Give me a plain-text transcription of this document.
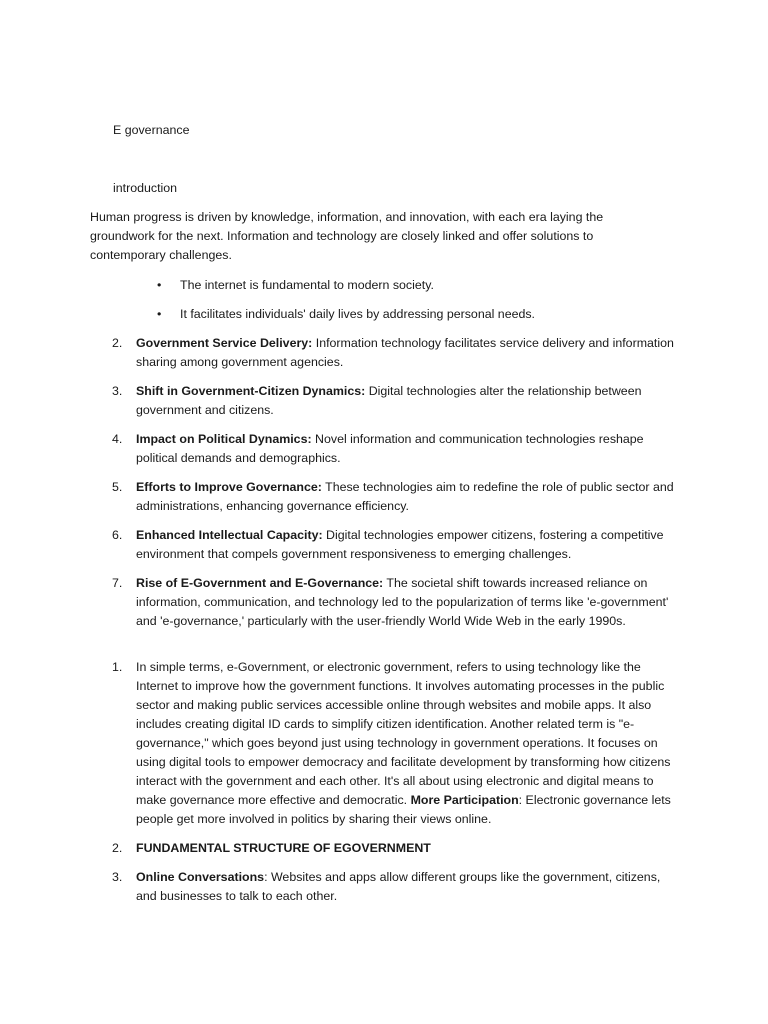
E governance
introduction
Human progress is driven by knowledge, information, and innovation, with each era laying the groundwork for the next. Information and technology are closely linked and offer solutions to contemporary challenges.
• The internet is fundamental to modern society.
• It facilitates individuals' daily lives by addressing personal needs.
2. Government Service Delivery: Information technology facilitates service delivery and information sharing among government agencies.
3. Shift in Government-Citizen Dynamics: Digital technologies alter the relationship between government and citizens.
4. Impact on Political Dynamics: Novel information and communication technologies reshape political demands and demographics.
5. Efforts to Improve Governance: These technologies aim to redefine the role of public sector and administrations, enhancing governance efficiency.
6. Enhanced Intellectual Capacity: Digital technologies empower citizens, fostering a competitive environment that compels government responsiveness to emerging challenges.
7. Rise of E-Government and E-Governance: The societal shift towards increased reliance on information, communication, and technology led to the popularization of terms like 'e-government' and 'e-governance,' particularly with the user-friendly World Wide Web in the early 1990s.
1. In simple terms, e-Government, or electronic government, refers to using technology like the Internet to improve how the government functions. It involves automating processes in the public sector and making public services accessible online through websites and mobile apps. It also includes creating digital ID cards to simplify citizen identification. Another related term is "e-governance," which goes beyond just using technology in government operations. It focuses on using digital tools to empower democracy and facilitate development by transforming how citizens interact with the government and each other. It's all about using electronic and digital means to make governance more effective and democratic. More Participation: Electronic governance lets people get more involved in politics by sharing their views online.
2. FUNDAMENTAL STRUCTURE OF EGOVERNMENT
3. Online Conversations: Websites and apps allow different groups like the government, citizens, and businesses to talk to each other.
